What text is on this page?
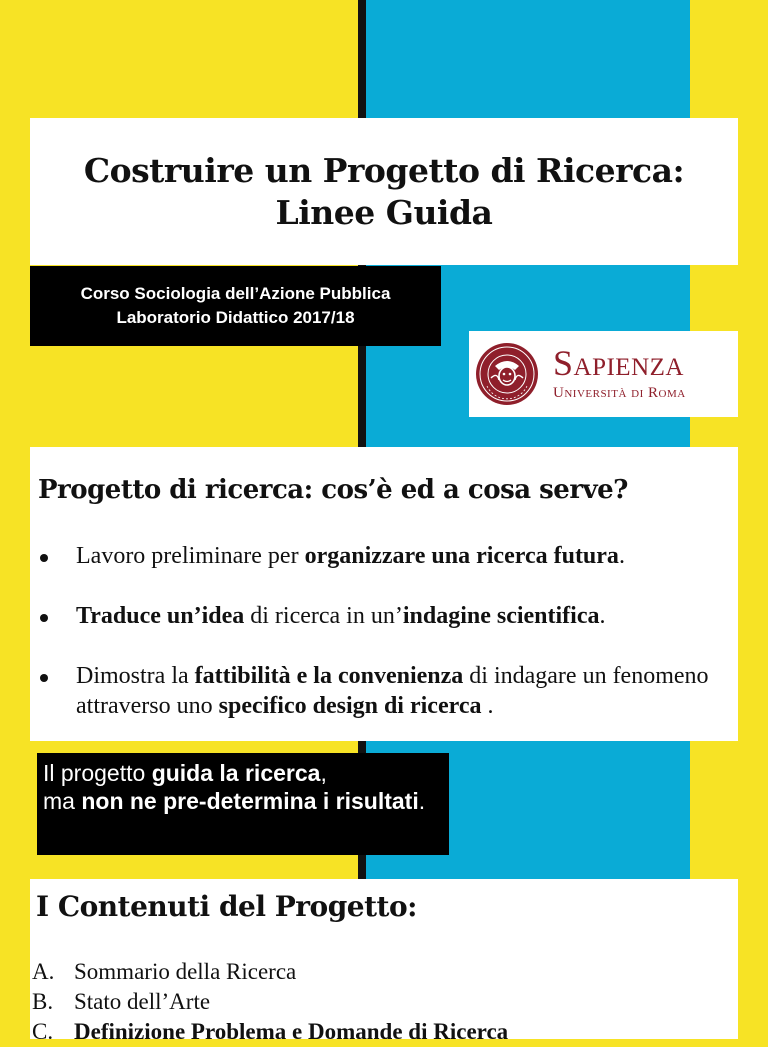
Costruire un Progetto di Ricerca:
Linee Guida
Corso Sociologia dell’Azione Pubblica
Laboratorio Didattico 2017/18
Sapienza
Università di Roma
Progetto di ricerca: cos’è ed a cosa serve?
Lavoro preliminare per organizzare una ricerca futura.
Traduce un’idea di ricerca in un’indagine scientifica.
Dimostra la fattibilità e la convenienza di indagare un fenomeno attraverso uno specifico design di ricerca .

Il progetto guida la ricerca,
ma non ne pre-determina i risultati.

I Contenuti del Progetto:
A. Sommario della Ricerca
B. Stato dell’Arte
C. Definizione Problema e Domande di Ricerca
